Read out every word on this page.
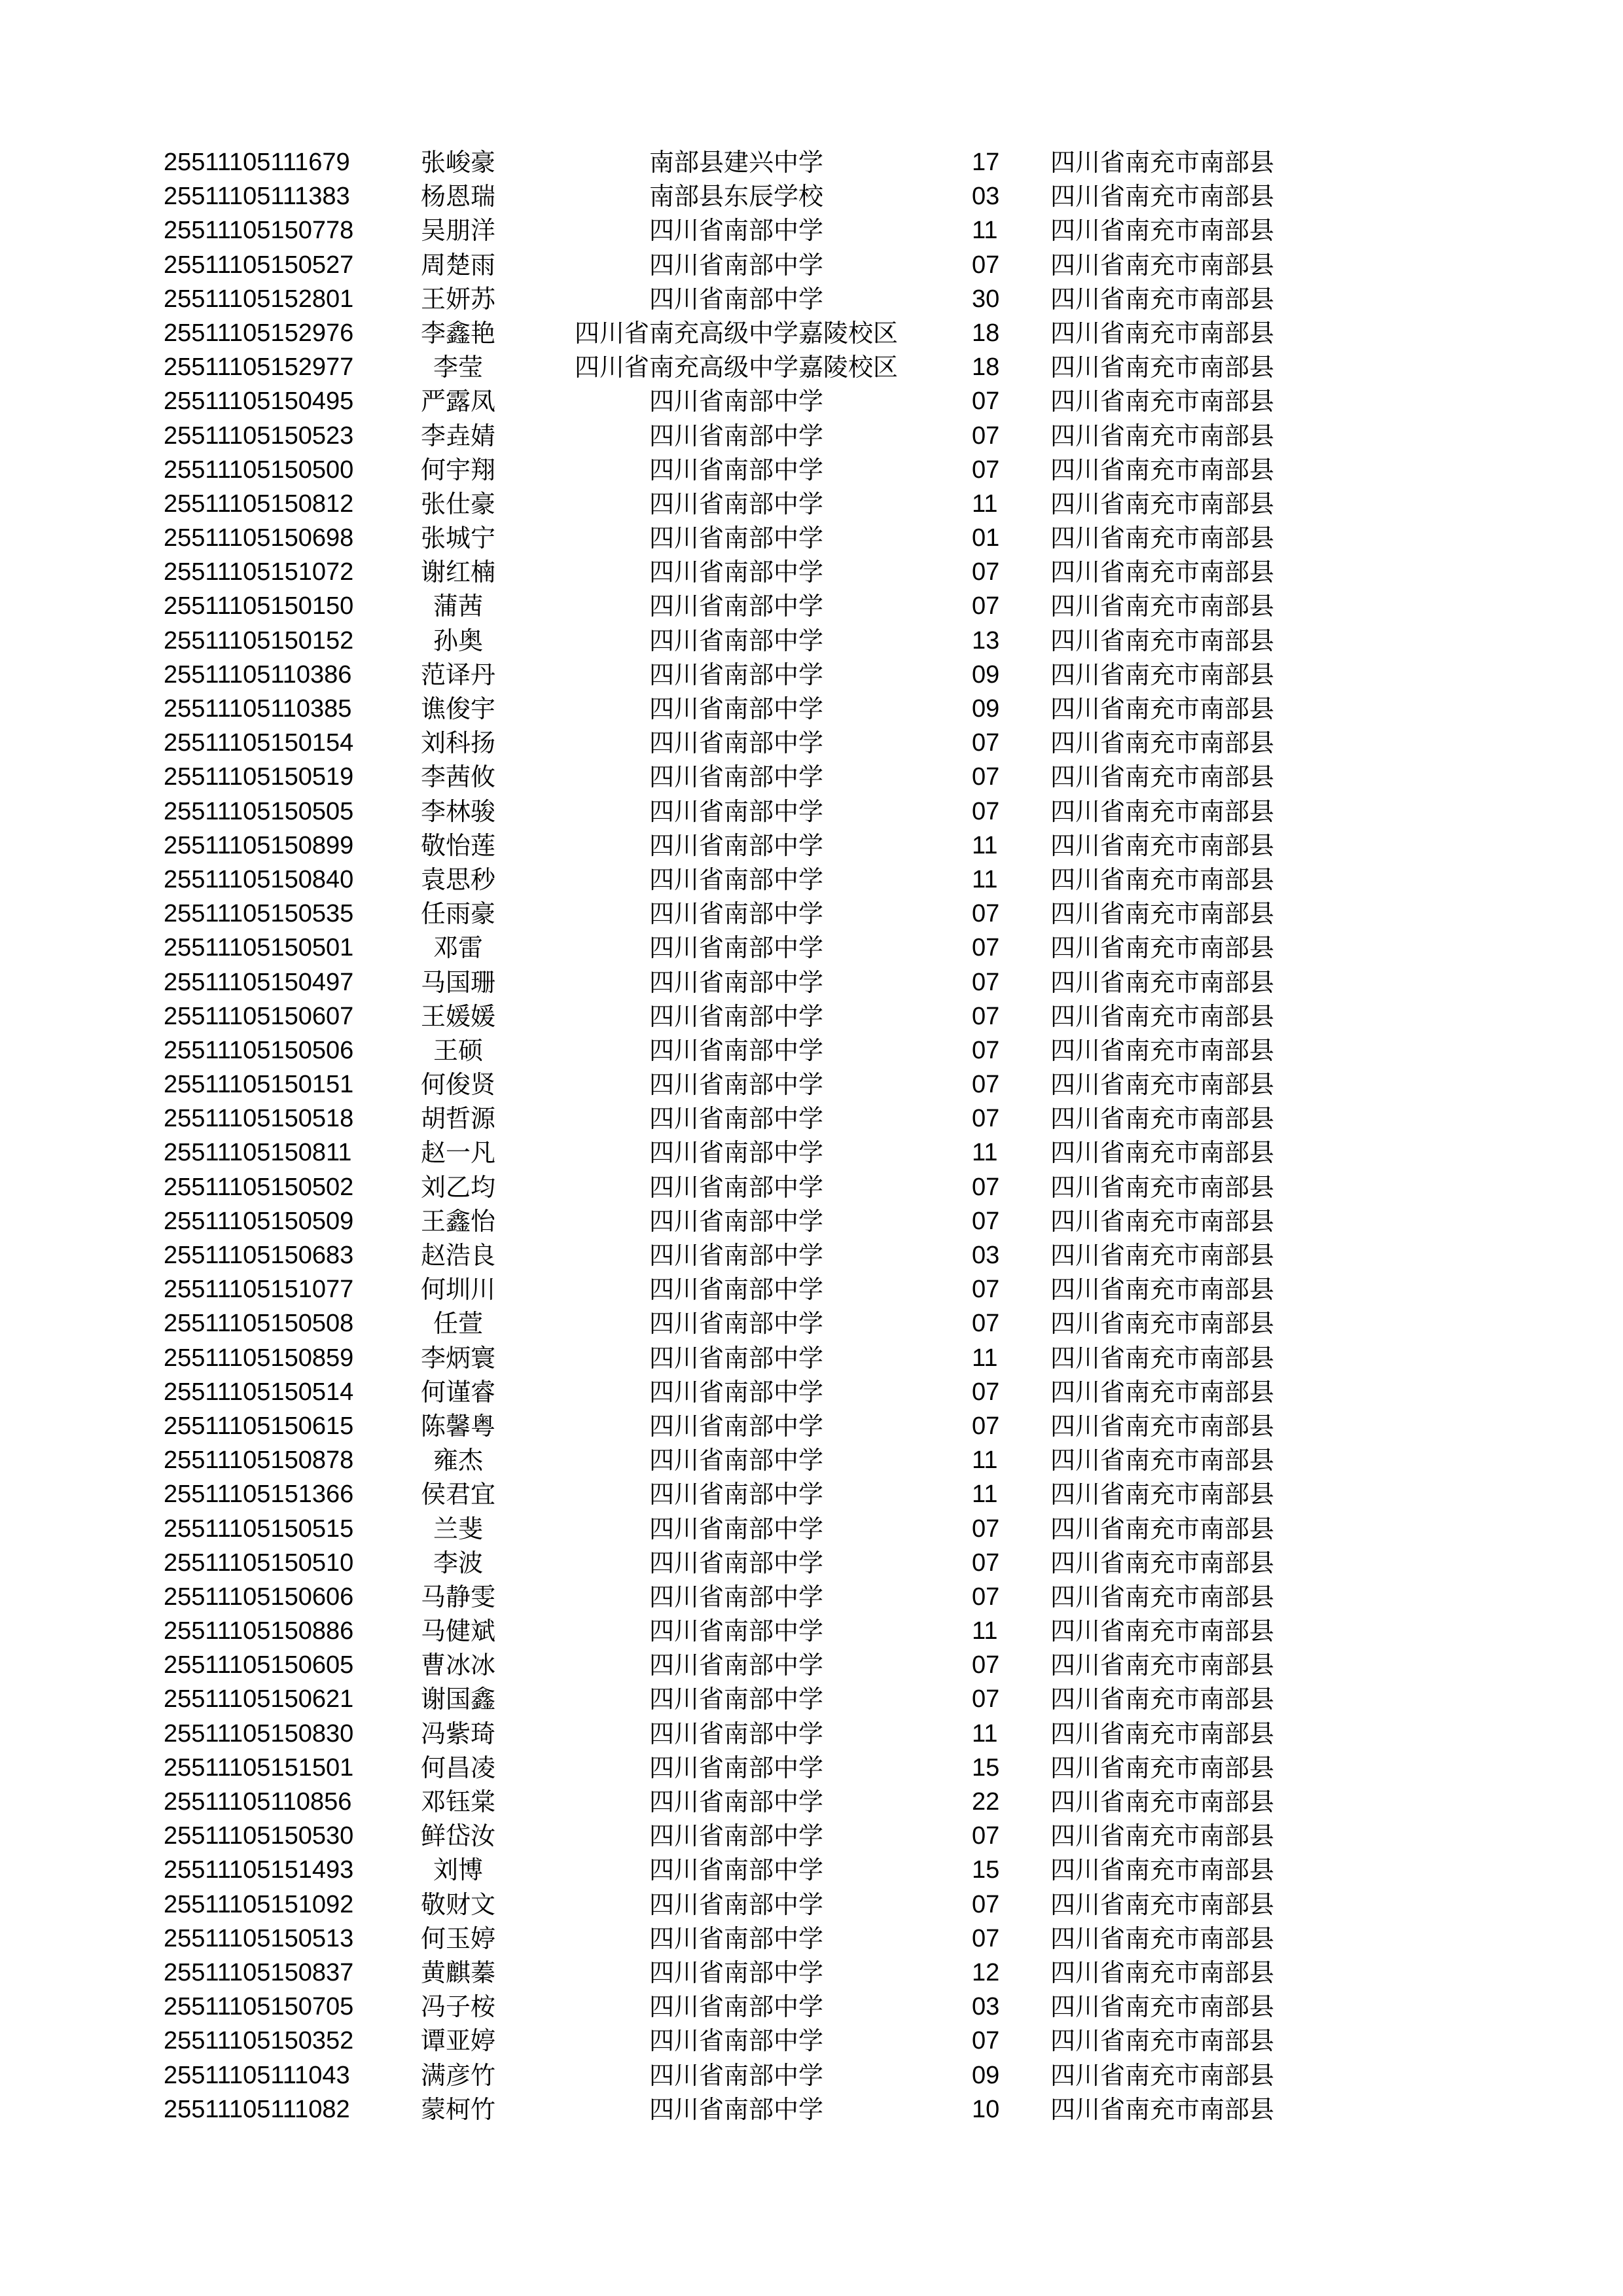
25511105111679	张峻豪	南部县建兴中学	17 四川省南充市南部县
25511105111383	杨恩瑞	南部县东辰学校	03 四川省南充市南部县
25511105150778	吴朋洋	四川省南部中学	11 四川省南充市南部县
25511105150527	周楚雨	四川省南部中学	07 四川省南充市南部县
25511105152801	王妍苏	四川省南部中学	30 四川省南充市南部县
25511105152976	李鑫艳	四川省南充高级中学嘉陵校区	18 四川省南充市南部县
25511105152977	李莹	四川省南充高级中学嘉陵校区	18 四川省南充市南部县
25511105150495	严露凤	四川省南部中学	07 四川省南充市南部县
25511105150523	李垚婧	四川省南部中学	07 四川省南充市南部县
25511105150500	何宇翔	四川省南部中学	07 四川省南充市南部县
25511105150812	张仕豪	四川省南部中学	11 四川省南充市南部县
25511105150698	张城宁	四川省南部中学	01 四川省南充市南部县
25511105151072	谢红楠	四川省南部中学	07 四川省南充市南部县
25511105150150	蒲茜	四川省南部中学	07 四川省南充市南部县
25511105150152	孙奥	四川省南部中学	13 四川省南充市南部县
25511105110386	范译丹	四川省南部中学	09 四川省南充市南部县
25511105110385	谯俊宇	四川省南部中学	09 四川省南充市南部县
25511105150154	刘科扬	四川省南部中学	07 四川省南充市南部县
25511105150519	李茜攸	四川省南部中学	07 四川省南充市南部县
25511105150505	李林骏	四川省南部中学	07 四川省南充市南部县
25511105150899	敬怡莲	四川省南部中学	11 四川省南充市南部县
25511105150840	袁思秒	四川省南部中学	11 四川省南充市南部县
25511105150535	任雨豪	四川省南部中学	07 四川省南充市南部县
25511105150501	邓雷	四川省南部中学	07 四川省南充市南部县
25511105150497	马国珊	四川省南部中学	07 四川省南充市南部县
25511105150607	王媛媛	四川省南部中学	07 四川省南充市南部县
25511105150506	王硕	四川省南部中学	07 四川省南充市南部县
25511105150151	何俊贤	四川省南部中学	07 四川省南充市南部县
25511105150518	胡哲源	四川省南部中学	07 四川省南充市南部县
25511105150811	赵一凡	四川省南部中学	11 四川省南充市南部县
25511105150502	刘乙均	四川省南部中学	07 四川省南充市南部县
25511105150509	王鑫怡	四川省南部中学	07 四川省南充市南部县
25511105150683	赵浩良	四川省南部中学	03 四川省南充市南部县
25511105151077	何圳川	四川省南部中学	07 四川省南充市南部县
25511105150508	任萱	四川省南部中学	07 四川省南充市南部县
25511105150859	李炳寰	四川省南部中学	11 四川省南充市南部县
25511105150514	何谨睿	四川省南部中学	07 四川省南充市南部县
25511105150615	陈馨粤	四川省南部中学	07 四川省南充市南部县
25511105150878	雍杰	四川省南部中学	11 四川省南充市南部县
25511105151366	侯君宜	四川省南部中学	11 四川省南充市南部县
25511105150515	兰斐	四川省南部中学	07 四川省南充市南部县
25511105150510	李波	四川省南部中学	07 四川省南充市南部县
25511105150606	马静雯	四川省南部中学	07 四川省南充市南部县
25511105150886	马健斌	四川省南部中学	11 四川省南充市南部县
25511105150605	曹冰冰	四川省南部中学	07 四川省南充市南部县
25511105150621	谢国鑫	四川省南部中学	07 四川省南充市南部县
25511105150830	冯紫琦	四川省南部中学	11 四川省南充市南部县
25511105151501	何昌凌	四川省南部中学	15 四川省南充市南部县
25511105110856	邓钰棠	四川省南部中学	22 四川省南充市南部县
25511105150530	鲜岱汝	四川省南部中学	07 四川省南充市南部县
25511105151493	刘博	四川省南部中学	15 四川省南充市南部县
25511105151092	敬财文	四川省南部中学	07 四川省南充市南部县
25511105150513	何玉婷	四川省南部中学	07 四川省南充市南部县
25511105150837	黄麒蓁	四川省南部中学	12 四川省南充市南部县
25511105150705	冯子桉	四川省南部中学	03 四川省南充市南部县
25511105150352	谭亚婷	四川省南部中学	07 四川省南充市南部县
25511105111043	满彦竹	四川省南部中学	09 四川省南充市南部县
25511105111082	蒙柯竹	四川省南部中学	10 四川省南充市南部县
